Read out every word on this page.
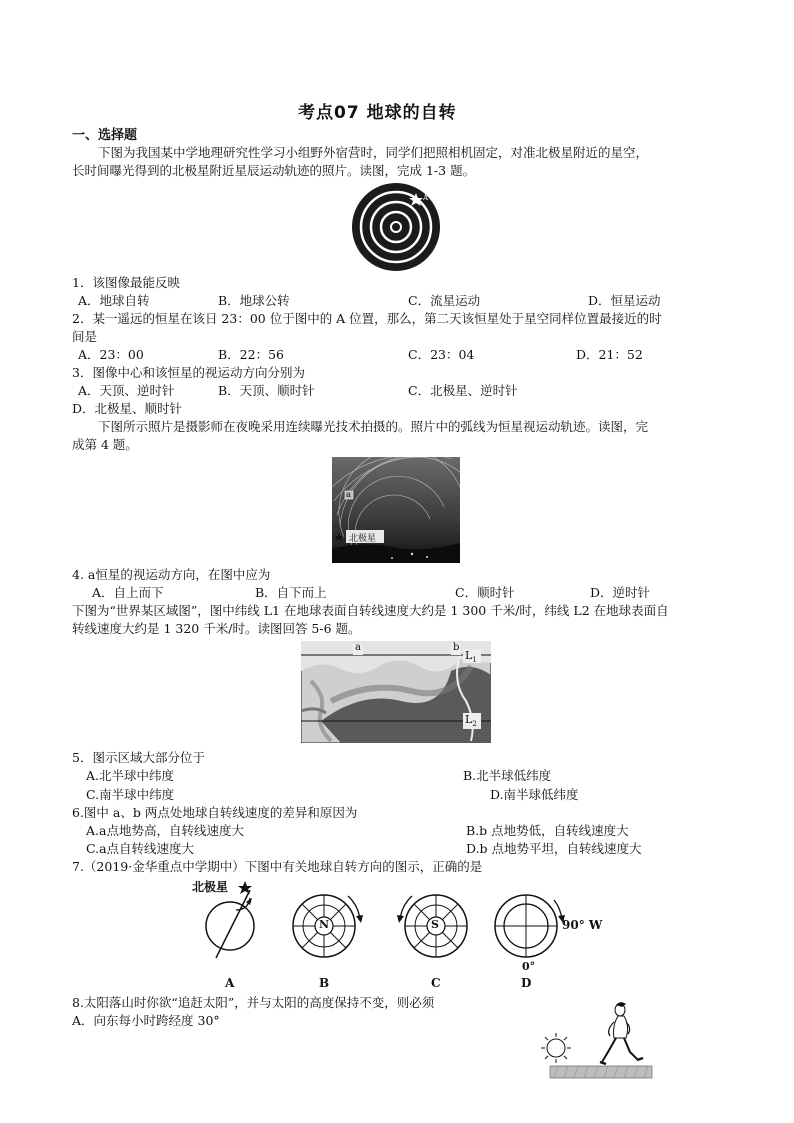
考点07 地球的自转
一、选择题
下图为我国某中学地理研究性学习小组野外宿营时，同学们把照相机固定，对准北极星附近的星空，
长时间曝光得到的北极星附近星辰运动轨迹的照片。读图，完成 1-3 题。
A
1．该图像最能反映
A．地球自转	B．地球公转	C．流星运动	D．恒星运动
2．某一遥远的恒星在该日 23：00 位于图中的 A 位置，那么，第二天该恒星处于星空同样位置最接近的时
间是
A．23：00	B．22：56	C．23：04	D．21：52
3．图像中心和该恒星的视运动方向分别为
A．天顶、逆时针	B．天顶、顺时针	C．北极星、逆时针
D．北极星、顺时针
下图所示照片是摄影师在夜晚采用连续曝光技术拍摄的。照片中的弧线为恒星视运动轨迹。读图，完
成第 4 题。
a
北极星
4. a恒星的视运动方向，在图中应为
A．自上而下	B．自下而上	C．顺时针	D．逆时针
下图为“世界某区域图”，图中纬线 L1 在地球表面自转线速度大约是 1 300 千米/时，纬线 L2 在地球表面自
转线速度大约是 1 320 千米/时。读图回答 5-6 题。
a	b
$L_1$
$L_2$
5．图示区域大部分位于
A.北半球中纬度	B.北半球低纬度
C.南半球中纬度	D.南半球低纬度
6.图中 a、b 两点处地球自转线速度的差异和原因为
A.a点地势高，自转线速度大	B.b 点地势低，自转线速度大
C.a点自转线速度大	D.b 点地势平坦，自转线速度大
7.（2019·金华重点中学期中）下图中有关地球自转方向的图示，正确的是
北极星
N	S	90° W
0°
A	B	C	D
8.太阳落山时你欲“追赶太阳”，并与太阳的高度保持不变，则必须
A．向东每小时跨经度 30°
